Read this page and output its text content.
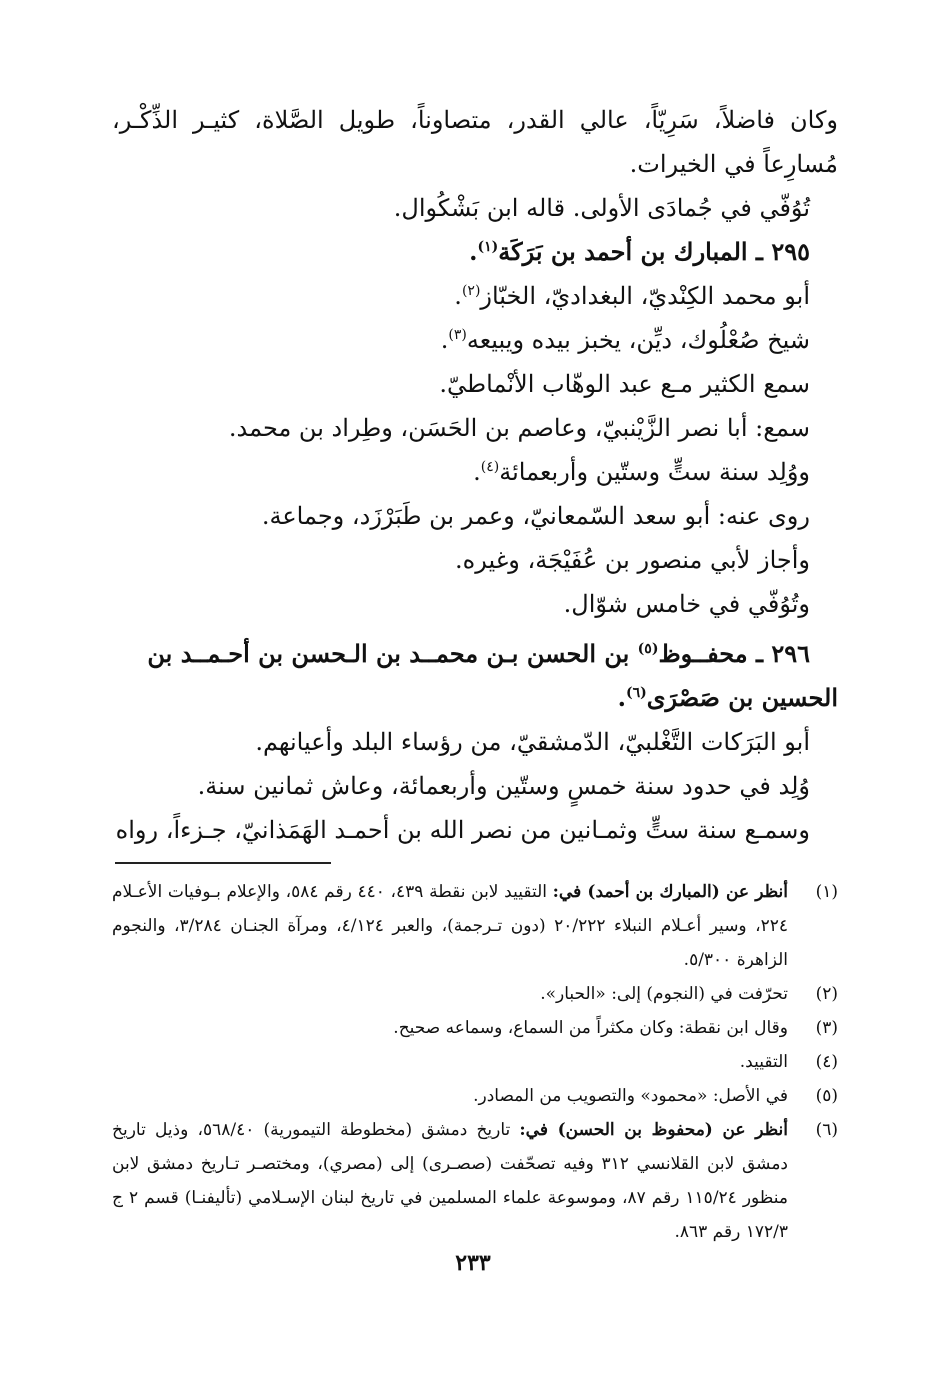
وكان فاضلاً، سَرِيّاً، عالي القدر، متصاوناً، طويل الصَّلاة، كثيـر الذِّكْـر،
مُسارِعاً في الخيرات.
تُوُفّي في جُمادَى الأولى. قاله ابن بَشْكُوال.
٢٩٥ ـ المبارك بن أحمد بن بَرَكَة$^{(١)}$.
أبو محمد الكِنْديّ، البغداديّ، الخبّاز$^{(٢)}$.
شيخ صُعْلُوك، ديِّن، يخبز بيده ويبيعه$^{(٣)}$.
سمع الكثير مـع عبد الوهّاب الأنْماطيّ.
سمع: أبا نصر الزَّيْنبيّ، وعاصم بن الحَسَن، وطِراد بن محمد.
ووُلِد سنة ستٍّ وستّين وأربعمائة$^{(٤)}$.
روى عنه: أبو سعد السّمعانيّ، وعمر بن طَبَرْزَد، وجماعة.
وأجاز لأبي منصور بن عُفَيْجَة، وغيره.
وتُوُفّي في خامس شوّال.
٢٩٦ ـ محفــوظ$^{(٥)}$ بن الحسن بـن محمــد بن الـحسن بن أحـمــد بن
الحسين بن صَصْرَى$^{(٦)}$.
أبو البَرَكات التَّغْلبيّ، الدّمشقيّ، من رؤساء البلد وأعيانهم.
وُلِد في حدود سنة خمسٍ وستّين وأربعمائة، وعاش ثمانين سنة.
وسمـع سنة ستٍّ وثمـانين من نصر الله بن أحمـد الهَمَذانيّ، جـزءاً، رواه
(١)
أنظر عن (المبارك بن أحمد) في: التقييد لابن نقطة ٤٣٩، ٤٤٠ رقم ٥٨٤، والإعلام بـوفيات الأعـلام ٢٢٤، وسير أعـلام النبلاء ٢٠/٢٢٢ (دون تـرجمة)، والعبر ٤/١٢٤، ومرآة الجنـان ٣/٢٨٤، والنجوم الزاهرة ٥/٣٠٠.
(٢)
تحرّفت في (النجوم) إلى: «الحبار».
(٣)
وقال ابن نقطة: وكان مكثراً من السماع، وسماعه صحيح.
(٤)
التقييد.
(٥)
في الأصل: «محمود» والتصويب من المصادر.
(٦)
أنظر عن (محفوظ بن الحسن) في: تاريخ دمشق (مخطوطة التيمورية) ٥٦٨/٤٠، وذيل تاريخ دمشق لابن القلانسي ٣١٢ وفيه تصحّفت (صصـرى) إلى (مصري)، ومختصـر تـاريخ دمشق لابن منظور ١١٥/٢٤ رقم ٨٧، وموسوعة علماء المسلمين في تاريخ لبنان الإسـلامي (تأليفنـا) قسم ٢ ج ١٧٢/٣ رقم ٨٦٣.
٢٣٣
